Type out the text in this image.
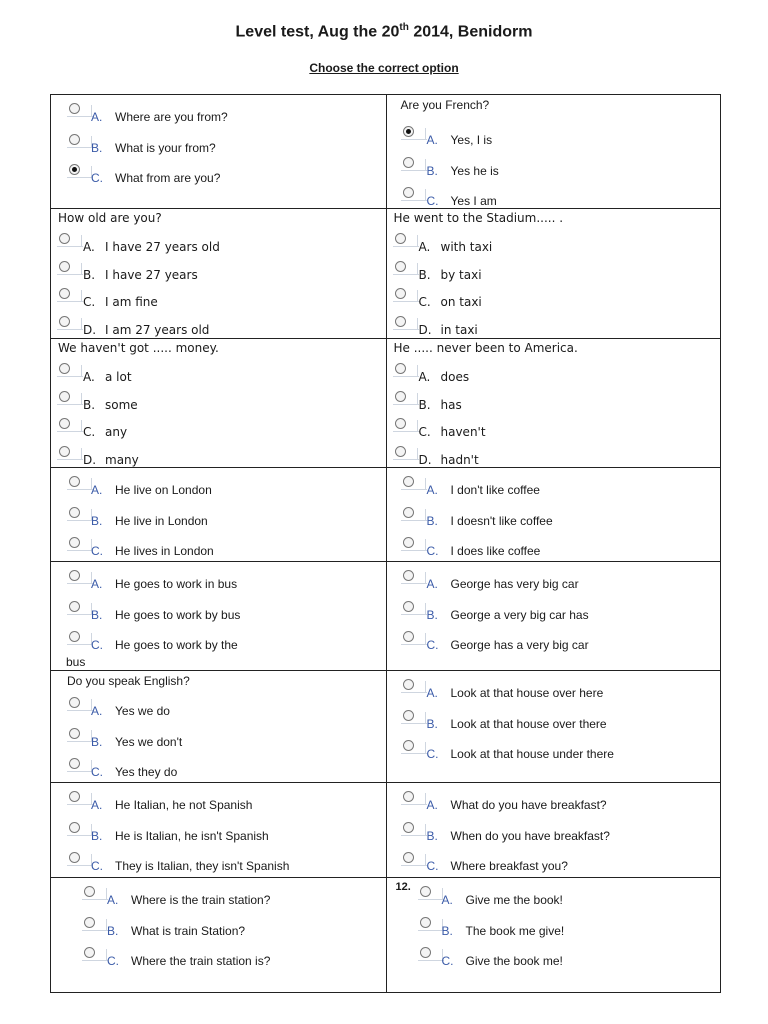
Level test, Aug the 20th 2014, Benidorm
Choose the correct option
A. Where are you from?
B. What is your from?
C. What from are you?
Are you French?
A. Yes, I is
B. Yes he is
C. Yes I am
How old are you?
A. I have 27 years old
B. I have 27 years
C. I am fine
D. I am 27 years old
He went to the Stadium..... .
A. with taxi
B. by taxi
C. on taxi
D. in taxi
We haven't got ..... money.
A. a lot
B. some
C. any
D. many
He ..... never been to America.
A. does
B. has
C. haven't
D. hadn't
A. He live on London
B. He live in London
C. He lives in London
A. I don't like coffee
B. I doesn't like coffee
C. I does like coffee
A. He goes to work in bus
B. He goes to work by bus
C. He goes to work by the
bus
A. George has very big car
B. George a very big car has
C. George has a very big car
Do you speak English?
A. Yes we do
B. Yes we don't
C. Yes they do
A. Look at that house over here
B. Look at that house over there
C. Look at that house under there
A. He Italian, he not Spanish
B. He is Italian, he isn't Spanish
C. They is Italian, they isn't Spanish
A. What do you have breakfast?
B. When do you have breakfast?
C. Where breakfast you?
A. Where is the train station?
B. What is train Station?
C. Where the train station is?
12.
A. Give me the book!
B. The book me give!
C. Give the book me!
